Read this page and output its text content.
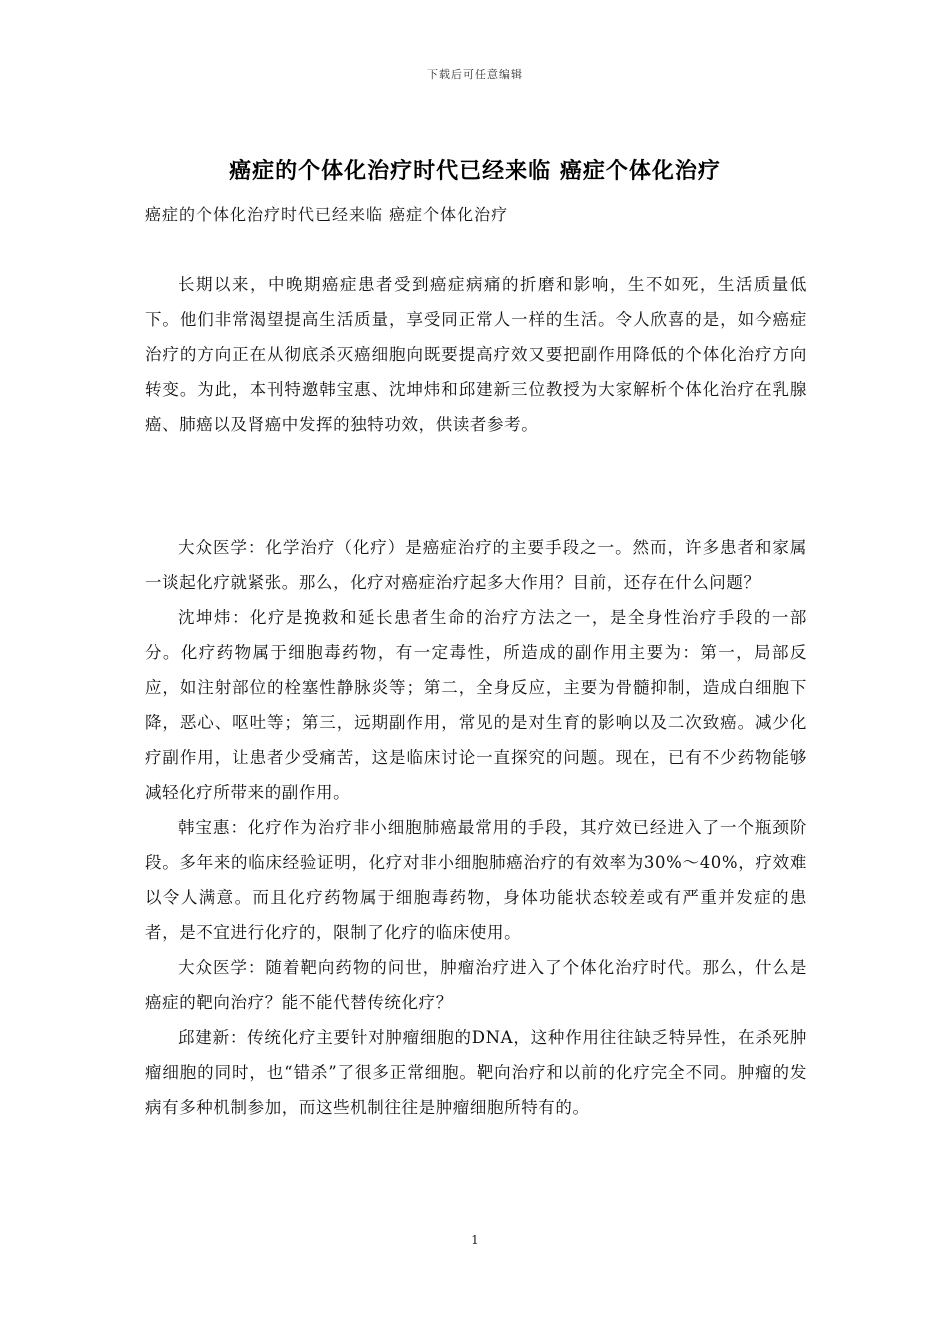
下载后可任意编辑
癌症的个体化治疗时代已经来临 癌症个体化治疗
癌症的个体化治疗时代已经来临 癌症个体化治疗

长期以来，中晚期癌症患者受到癌症病痛的折磨和影响，生不如死，生活质量低下。他们非常渴望提高生活质量，享受同正常人一样的生活。令人欣喜的是，如今癌症治疗的方向正在从彻底杀灭癌细胞向既要提高疗效又要把副作用降低的个体化治疗方向转变。为此，本刊特邀韩宝惠、沈坤炜和邱建新三位教授为大家解析个体化治疗在乳腺癌、肺癌以及肾癌中发挥的独特功效，供读者参考。

大众医学：化学治疗（化疗）是癌症治疗的主要手段之一。然而，许多患者和家属一谈起化疗就紧张。那么，化疗对癌症治疗起多大作用？目前，还存在什么问题？

沈坤炜：化疗是挽救和延长患者生命的治疗方法之一，是全身性治疗手段的一部分。化疗药物属于细胞毒药物，有一定毒性，所造成的副作用主要为：第一，局部反应，如注射部位的栓塞性静脉炎等；第二，全身反应，主要为骨髓抑制，造成白细胞下降，恶心、呕吐等；第三，远期副作用，常见的是对生育的影响以及二次致癌。减少化疗副作用，让患者少受痛苦，这是临床讨论一直探究的问题。现在，已有不少药物能够减轻化疗所带来的副作用。

韩宝惠：化疗作为治疗非小细胞肺癌最常用的手段，其疗效已经进入了一个瓶颈阶段。多年来的临床经验证明，化疗对非小细胞肺癌治疗的有效率为30%～40%，疗效难以令人满意。而且化疗药物属于细胞毒药物，身体功能状态较差或有严重并发症的患者，是不宜进行化疗的，限制了化疗的临床使用。

大众医学：随着靶向药物的问世，肿瘤治疗进入了个体化治疗时代。那么，什么是癌症的靶向治疗？能不能代替传统化疗？

邱建新：传统化疗主要针对肿瘤细胞的DNA，这种作用往往缺乏特异性，在杀死肿瘤细胞的同时，也“错杀”了很多正常细胞。靶向治疗和以前的化疗完全不同。肿瘤的发病有多种机制参加，而这些机制往往是肿瘤细胞所特有的。

1
